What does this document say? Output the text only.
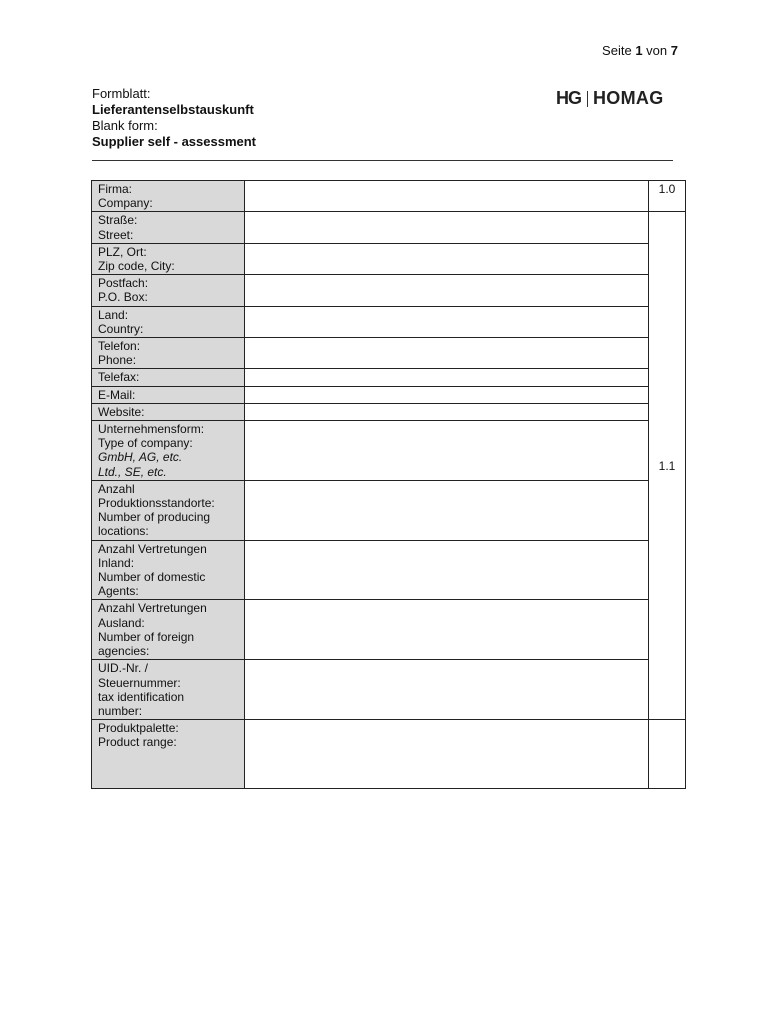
Seite 1 von 7
Formblatt:
Lieferantenselbstauskunft
Blank form:
Supplier self - assessment
HG HOMAG
Firma:
Company:		1.0	

Straße:
Street:		1.1	

PLZ, Ort:
Zip code, City:			

Postfach:
P.O. Box:			

Land:
Country:			

Telefon:
Phone:			

Telefax:			

E-Mail:			

Website:			

Unternehmensform:
Type of company:
GmbH, AG, etc.
Ltd., SE, etc.			

Anzahl
Produktionsstandorte:
Number of producing
locations:			

Anzahl Vertretungen
Inland:
Number of domestic
Agents:			

Anzahl Vertretungen
Ausland:
Number of foreign
agencies:			

UID.-Nr. /
Steuernummer:
tax identification
number:			

Produktpalette:
Product range:			
